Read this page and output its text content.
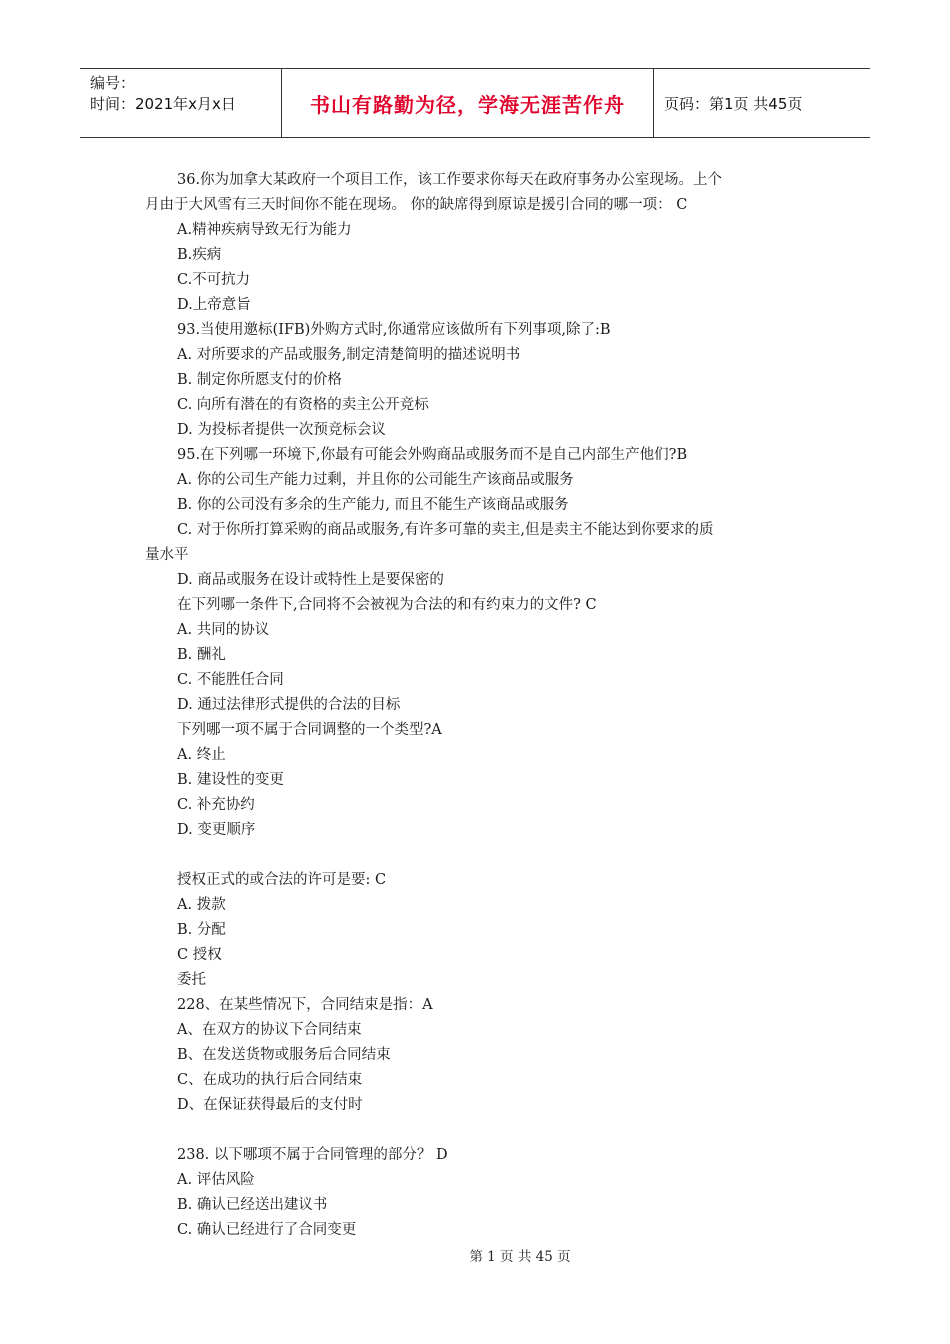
编号：
时间：2021年x月x日	书山有路勤为径，学海无涯苦作舟	页码：第1页 共45页
36.你为加拿大某政府一个项目工作，该工作要求你每天在政府事务办公室现场。上个
月由于大风雪有三天时间你不能在现场。 你的缺席得到原谅是援引合同的哪一项： C
A.精神疾病导致无行为能力
B.疾病
C.不可抗力
D.上帝意旨
93.当使用邀标(IFB)外购方式时,你通常应该做所有下列事项,除了:B
A. 对所要求的产品或服务,制定清楚简明的描述说明书
B. 制定你所愿支付的价格
C. 向所有潜在的有资格的卖主公开竞标
D. 为投标者提供一次预竞标会议
95.在下列哪一环境下,你最有可能会外购商品或服务而不是自己内部生产他们?B
A. 你的公司生产能力过剩，并且你的公司能生产该商品或服务
B. 你的公司没有多余的生产能力, 而且不能生产该商品或服务
C. 对于你所打算采购的商品或服务,有许多可靠的卖主,但是卖主不能达到你要求的质
量水平
D. 商品或服务在设计或特性上是要保密的
在下列哪一条件下,合同将不会被视为合法的和有约束力的文件? C
A. 共同的协议
B. 酬礼
C. 不能胜任合同
D. 通过法律形式提供的合法的目标
下列哪一项不属于合同调整的一个类型?A
A. 终止
B. 建设性的变更
C. 补充协约
D. 变更顺序
授权正式的或合法的许可是要: C
A. 拨款
B. 分配
C 授权
委托
228、在某些情况下，合同结束是指：A
A、在双方的协议下合同结束
B、在发送货物或服务后合同结束
C、在成功的执行后合同结束
D、在保证获得最后的支付时
238. 以下哪项不属于合同管理的部分？ D
A. 评估风险
B. 确认已经送出建议书
C. 确认已经进行了合同变更
第 1 页 共 45 页
